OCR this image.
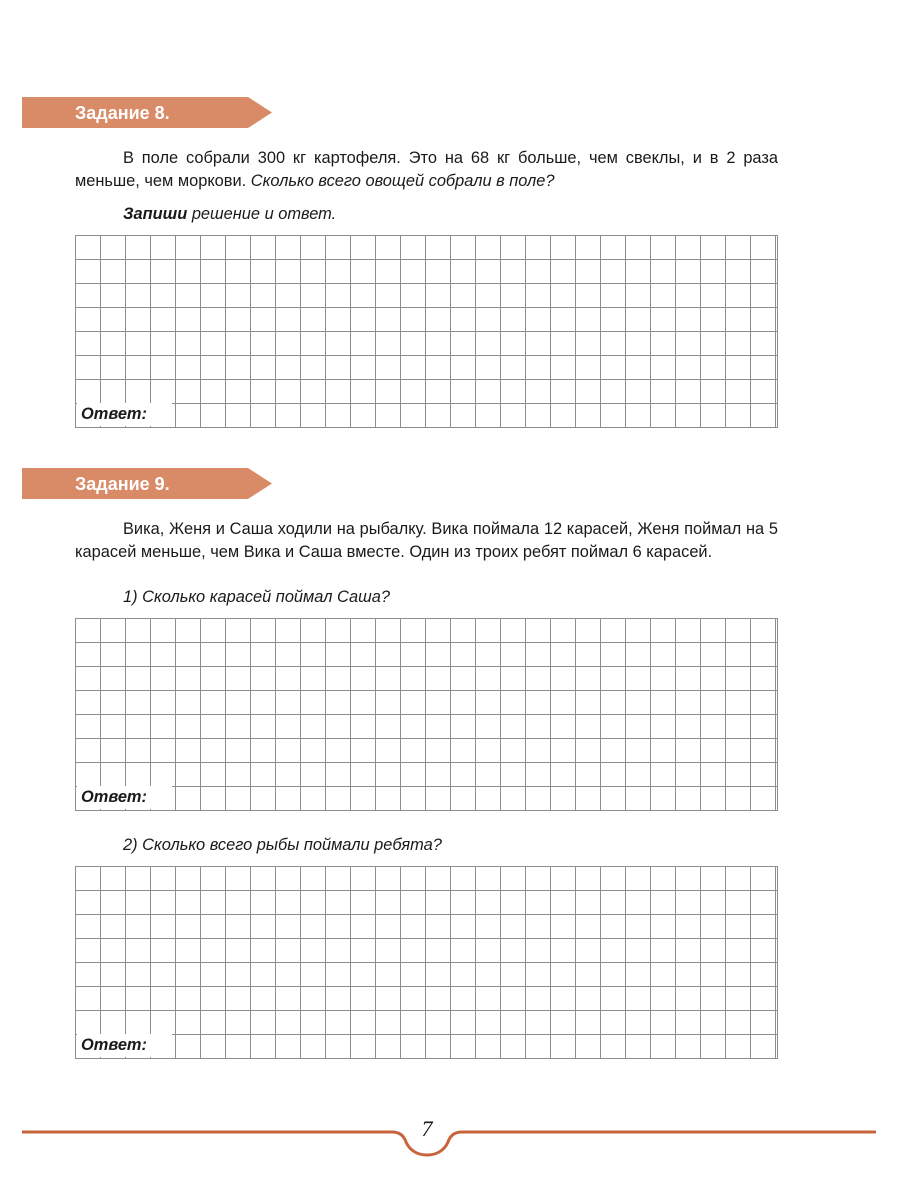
Задание 8.
В поле собрали 300 кг картофеля. Это на 68 кг больше, чем свеклы, и в 2 раза меньше, чем моркови. Сколько всего овощей собрали в поле?
Запиши решение и ответ.
Ответ:
Задание 9.
Вика, Женя и Саша ходили на рыбалку. Вика поймала 12 карасей, Женя поймал на 5 карасей меньше, чем Вика и Саша вместе. Один из троих ребят поймал 6 карасей.
1) Сколько карасей поймал Саша?
Ответ:
2) Сколько всего рыбы поймали ребята?
Ответ:
7
